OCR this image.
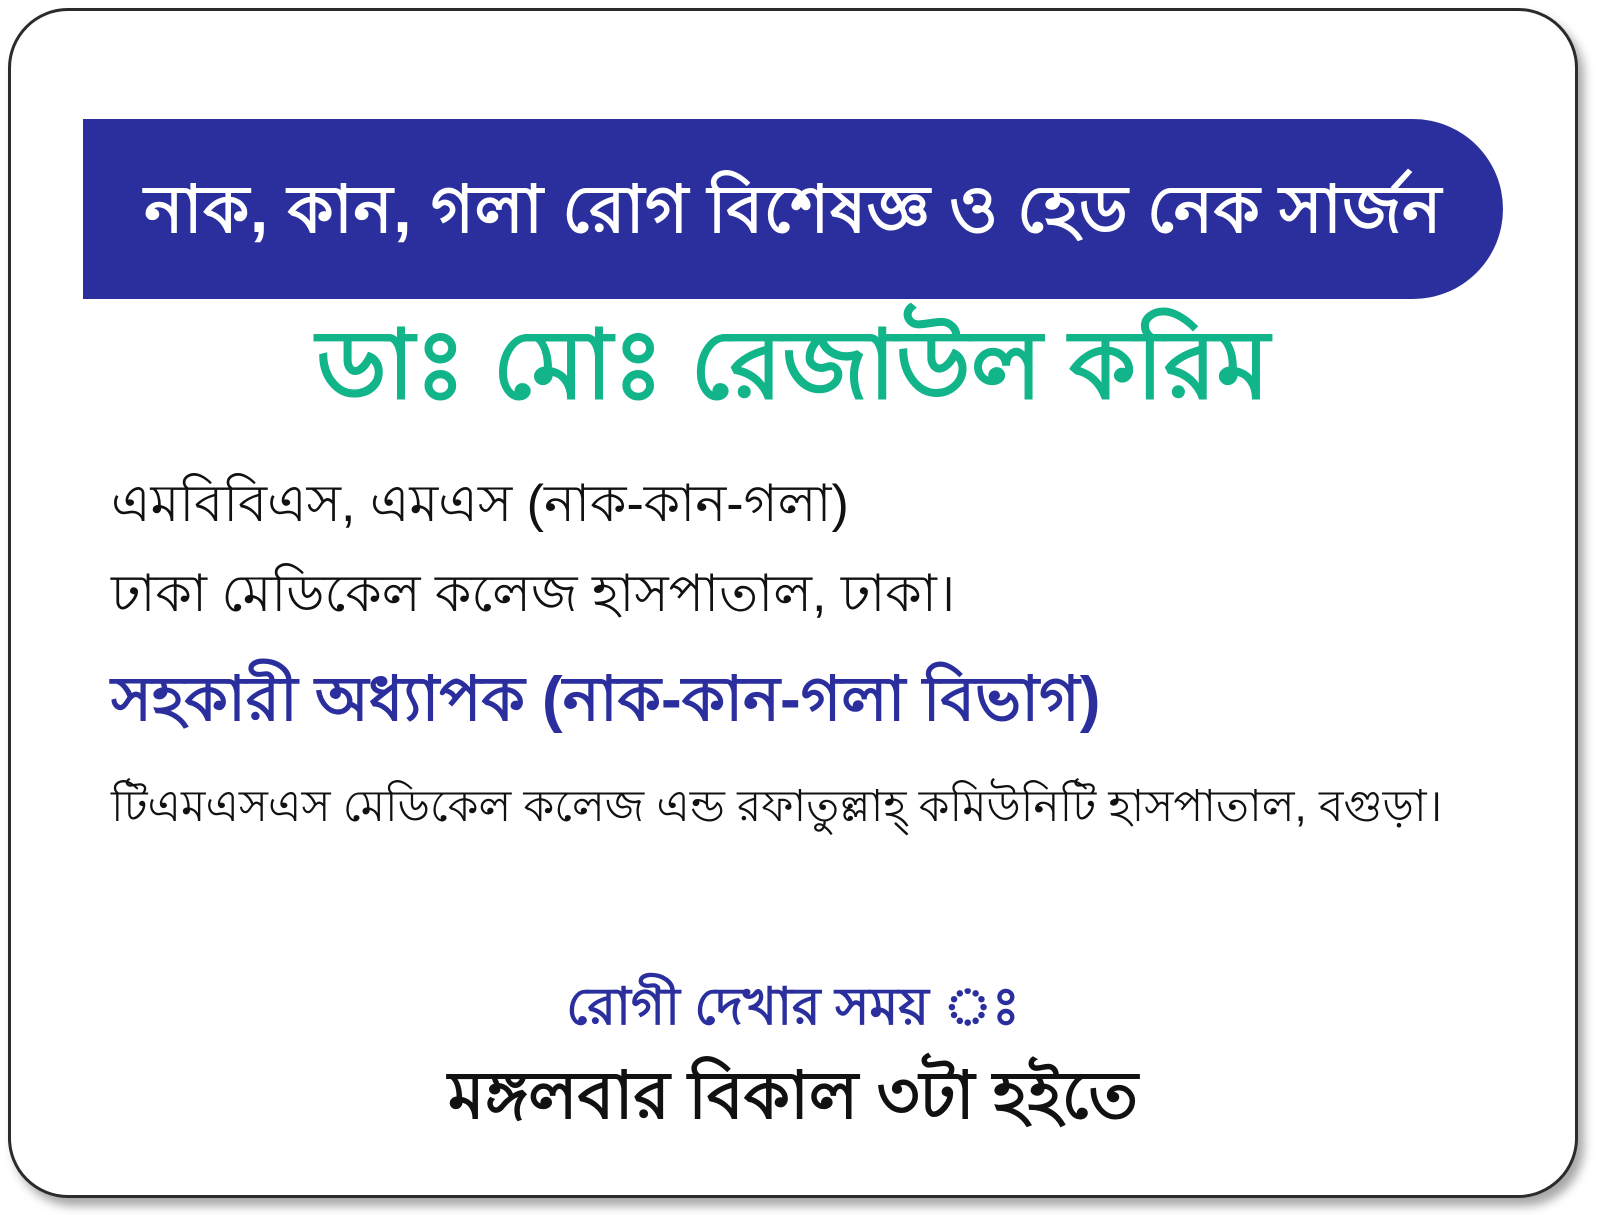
নাক, কান, গলা রোগ বিশেষজ্ঞ ও হেড নেক সার্জন
ডাঃ মোঃ রেজাউল করিম
এমবিবিএস, এমএস (নাক-কান-গলা)
ঢাকা মেডিকেল কলেজ হাসপাতাল, ঢাকা।
সহকারী অধ্যাপক (নাক-কান-গলা বিভাগ)
টিএমএসএস মেডিকেল কলেজ এন্ড রফাতুল্লাহ্ কমিউনিটি হাসপাতাল, বগুড়া।
রোগী দেখার সময় ঃ
মঙ্গলবার বিকাল ৩টা হইতে
